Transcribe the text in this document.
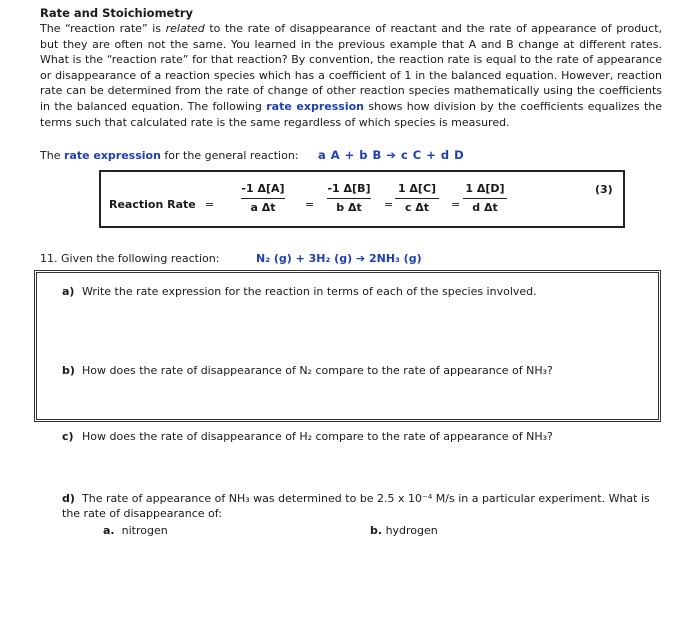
Rate and Stoichiometry
The “reaction rate” is related to the rate of disappearance of reactant and the rate of appearance of product, but they are often not the same. You learned in the previous example that A and B change at different rates. What is the “reaction rate” for that reaction? By convention, the reaction rate is equal to the rate of appearance or disappearance of a reaction species which has a coefficient of 1 in the balanced equation. However, reaction rate can be determined from the rate of change of other reaction species mathematically using the coefficients in the balanced equation. The following rate expression shows how division by the coefficients equalizes the terms such that calculated rate is the same regardless of which species is measured.
The rate expression for the general reaction: a A + b B ➔ c C + d D
Reaction Rate =
-1 Δ[A]
a Δt	=
-1 Δ[B]
b Δt	=
1 Δ[C]
c Δt	=
1 Δ[D]
d Δt
(3)
11. Given the following reaction:	N₂ (g) + 3H₂ (g) ➔ 2NH₃ (g)
a) Write the rate expression for the reaction in terms of each of the species involved.
b) How does the rate of disappearance of N₂ compare to the rate of appearance of NH₃?
c) How does the rate of disappearance of H₂ compare to the rate of appearance of NH₃?
d) The rate of appearance of NH₃ was determined to be 2.5 x 10⁻⁴ M/s in a particular experiment. What is the rate of disappearance of:
a. nitrogen	b. hydrogen
